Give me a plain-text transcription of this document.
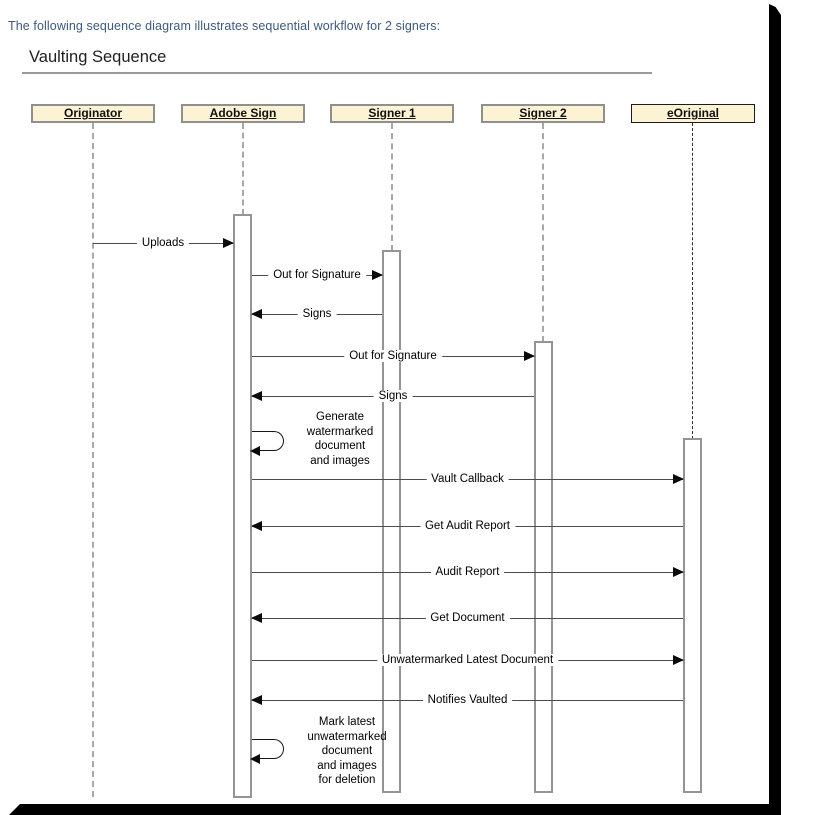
The following sequence diagram illustrates sequential workflow for 2 signers:

Vaulting Sequence
Originator	Adobe Sign	Signer 1	Signer 2	eOriginal
Generate
watermarked
document
and images
Mark latest
unwatermarked
document
and images
for deletion
Uploads
Out for Signature
Signs
Out for Signature
Signs
Vault Callback
Get Audit Report
Audit Report
Get Document
Unwatermarked Latest Document
Notifies Vaulted
